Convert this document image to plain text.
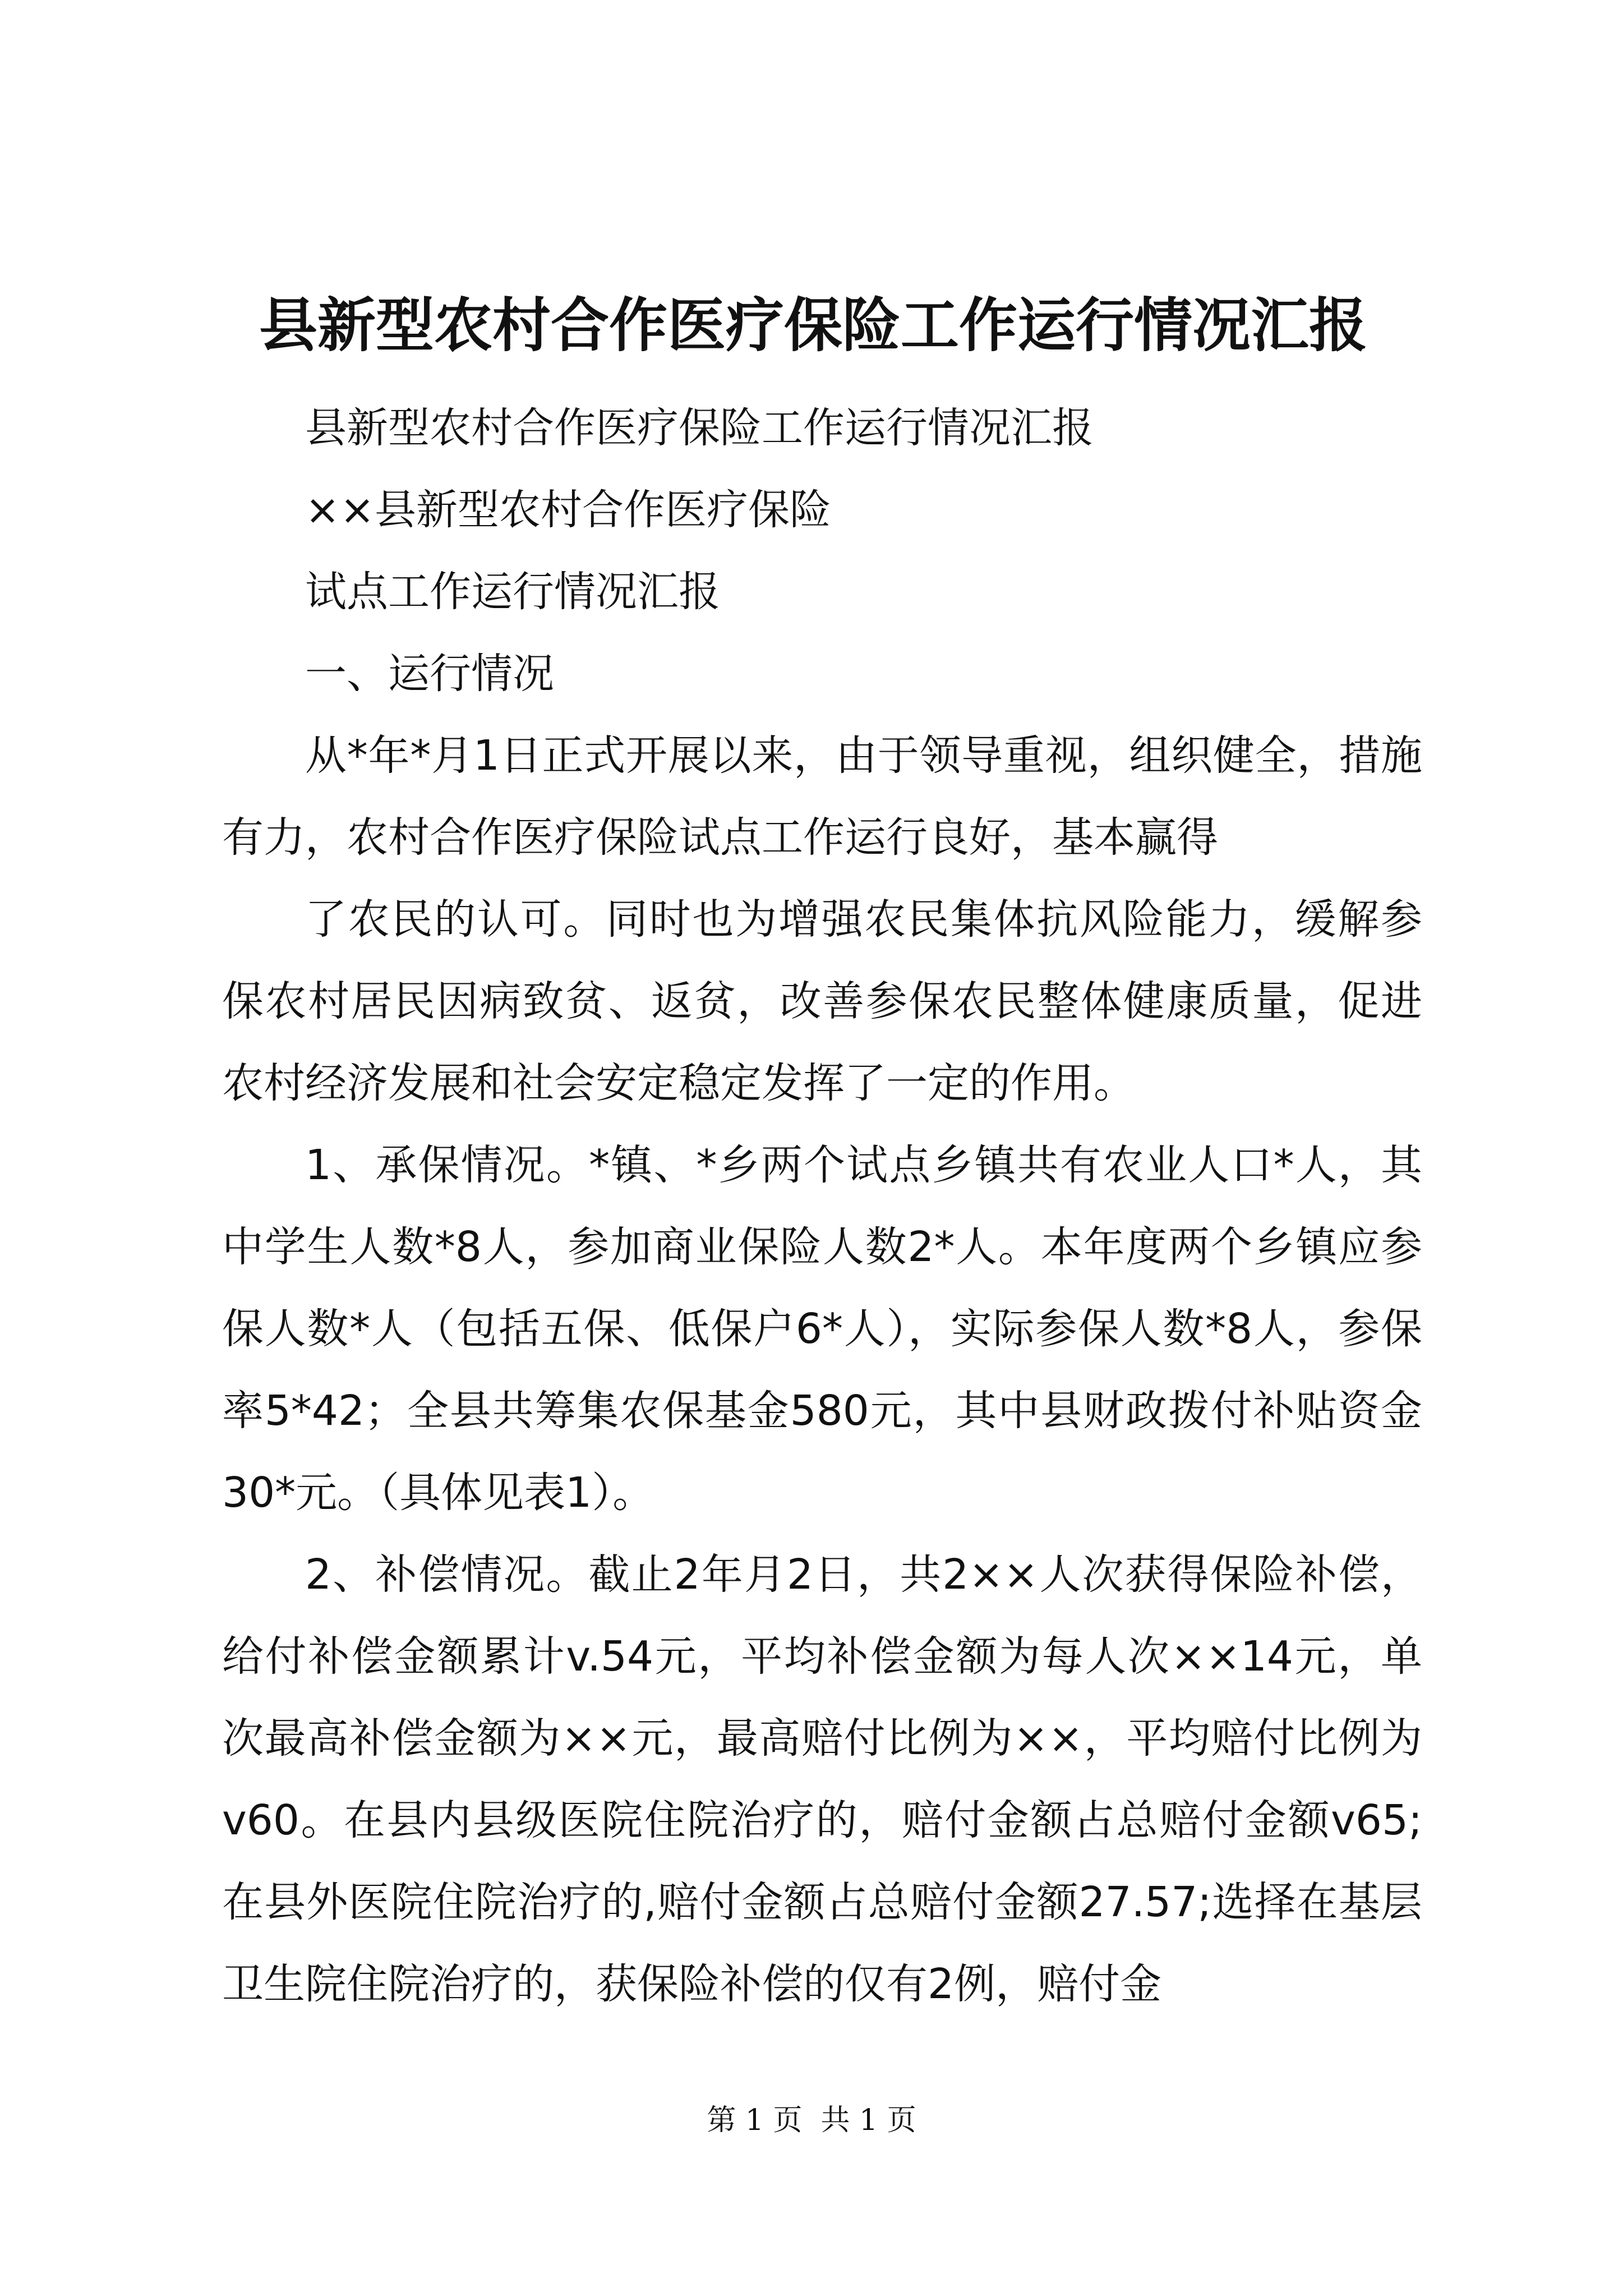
县新型农村合作医疗保险工作运行情况汇报

县新型农村合作医疗保险工作运行情况汇报

××县新型农村合作医疗保险

试点工作运行情况汇报

一、运行情况

从*年*月1日正式开展以来，由于领导重视，组织健全，措施有力，农村合作医疗保险试点工作运行良好，基本赢得

了农民的认可。同时也为增强农民集体抗风险能力，缓解参保农村居民因病致贫、返贫，改善参保农民整体健康质量，促进农村经济发展和社会安定稳定发挥了一定的作用。

1、承保情况。*镇、*乡两个试点乡镇共有农业人口*人，其中学生人数*8人，参加商业保险人数2*人。本年度两个乡镇应参保人数*人（包括五保、低保户6*人），实际参保人数*8人，参保率5*42；全县共筹集农保基金580元，其中县财政拨付补贴资金30*元。（具体见表1）。

2、补偿情况。截止2年月2日，共2××人次获得保险补偿，给付补偿金额累计v.54元，平均补偿金额为每人次××14元，单次最高补偿金额为××元，最高赔付比例为××，平均赔付比例为v60。在县内县级医院住院治疗的，赔付金额占总赔付金额v65;在县外医院住院治疗的,赔付金额占总赔付金额27.57;选择在基层卫生院住院治疗的，获保险补偿的仅有2例，赔付金

第 1 页  共 1 页
